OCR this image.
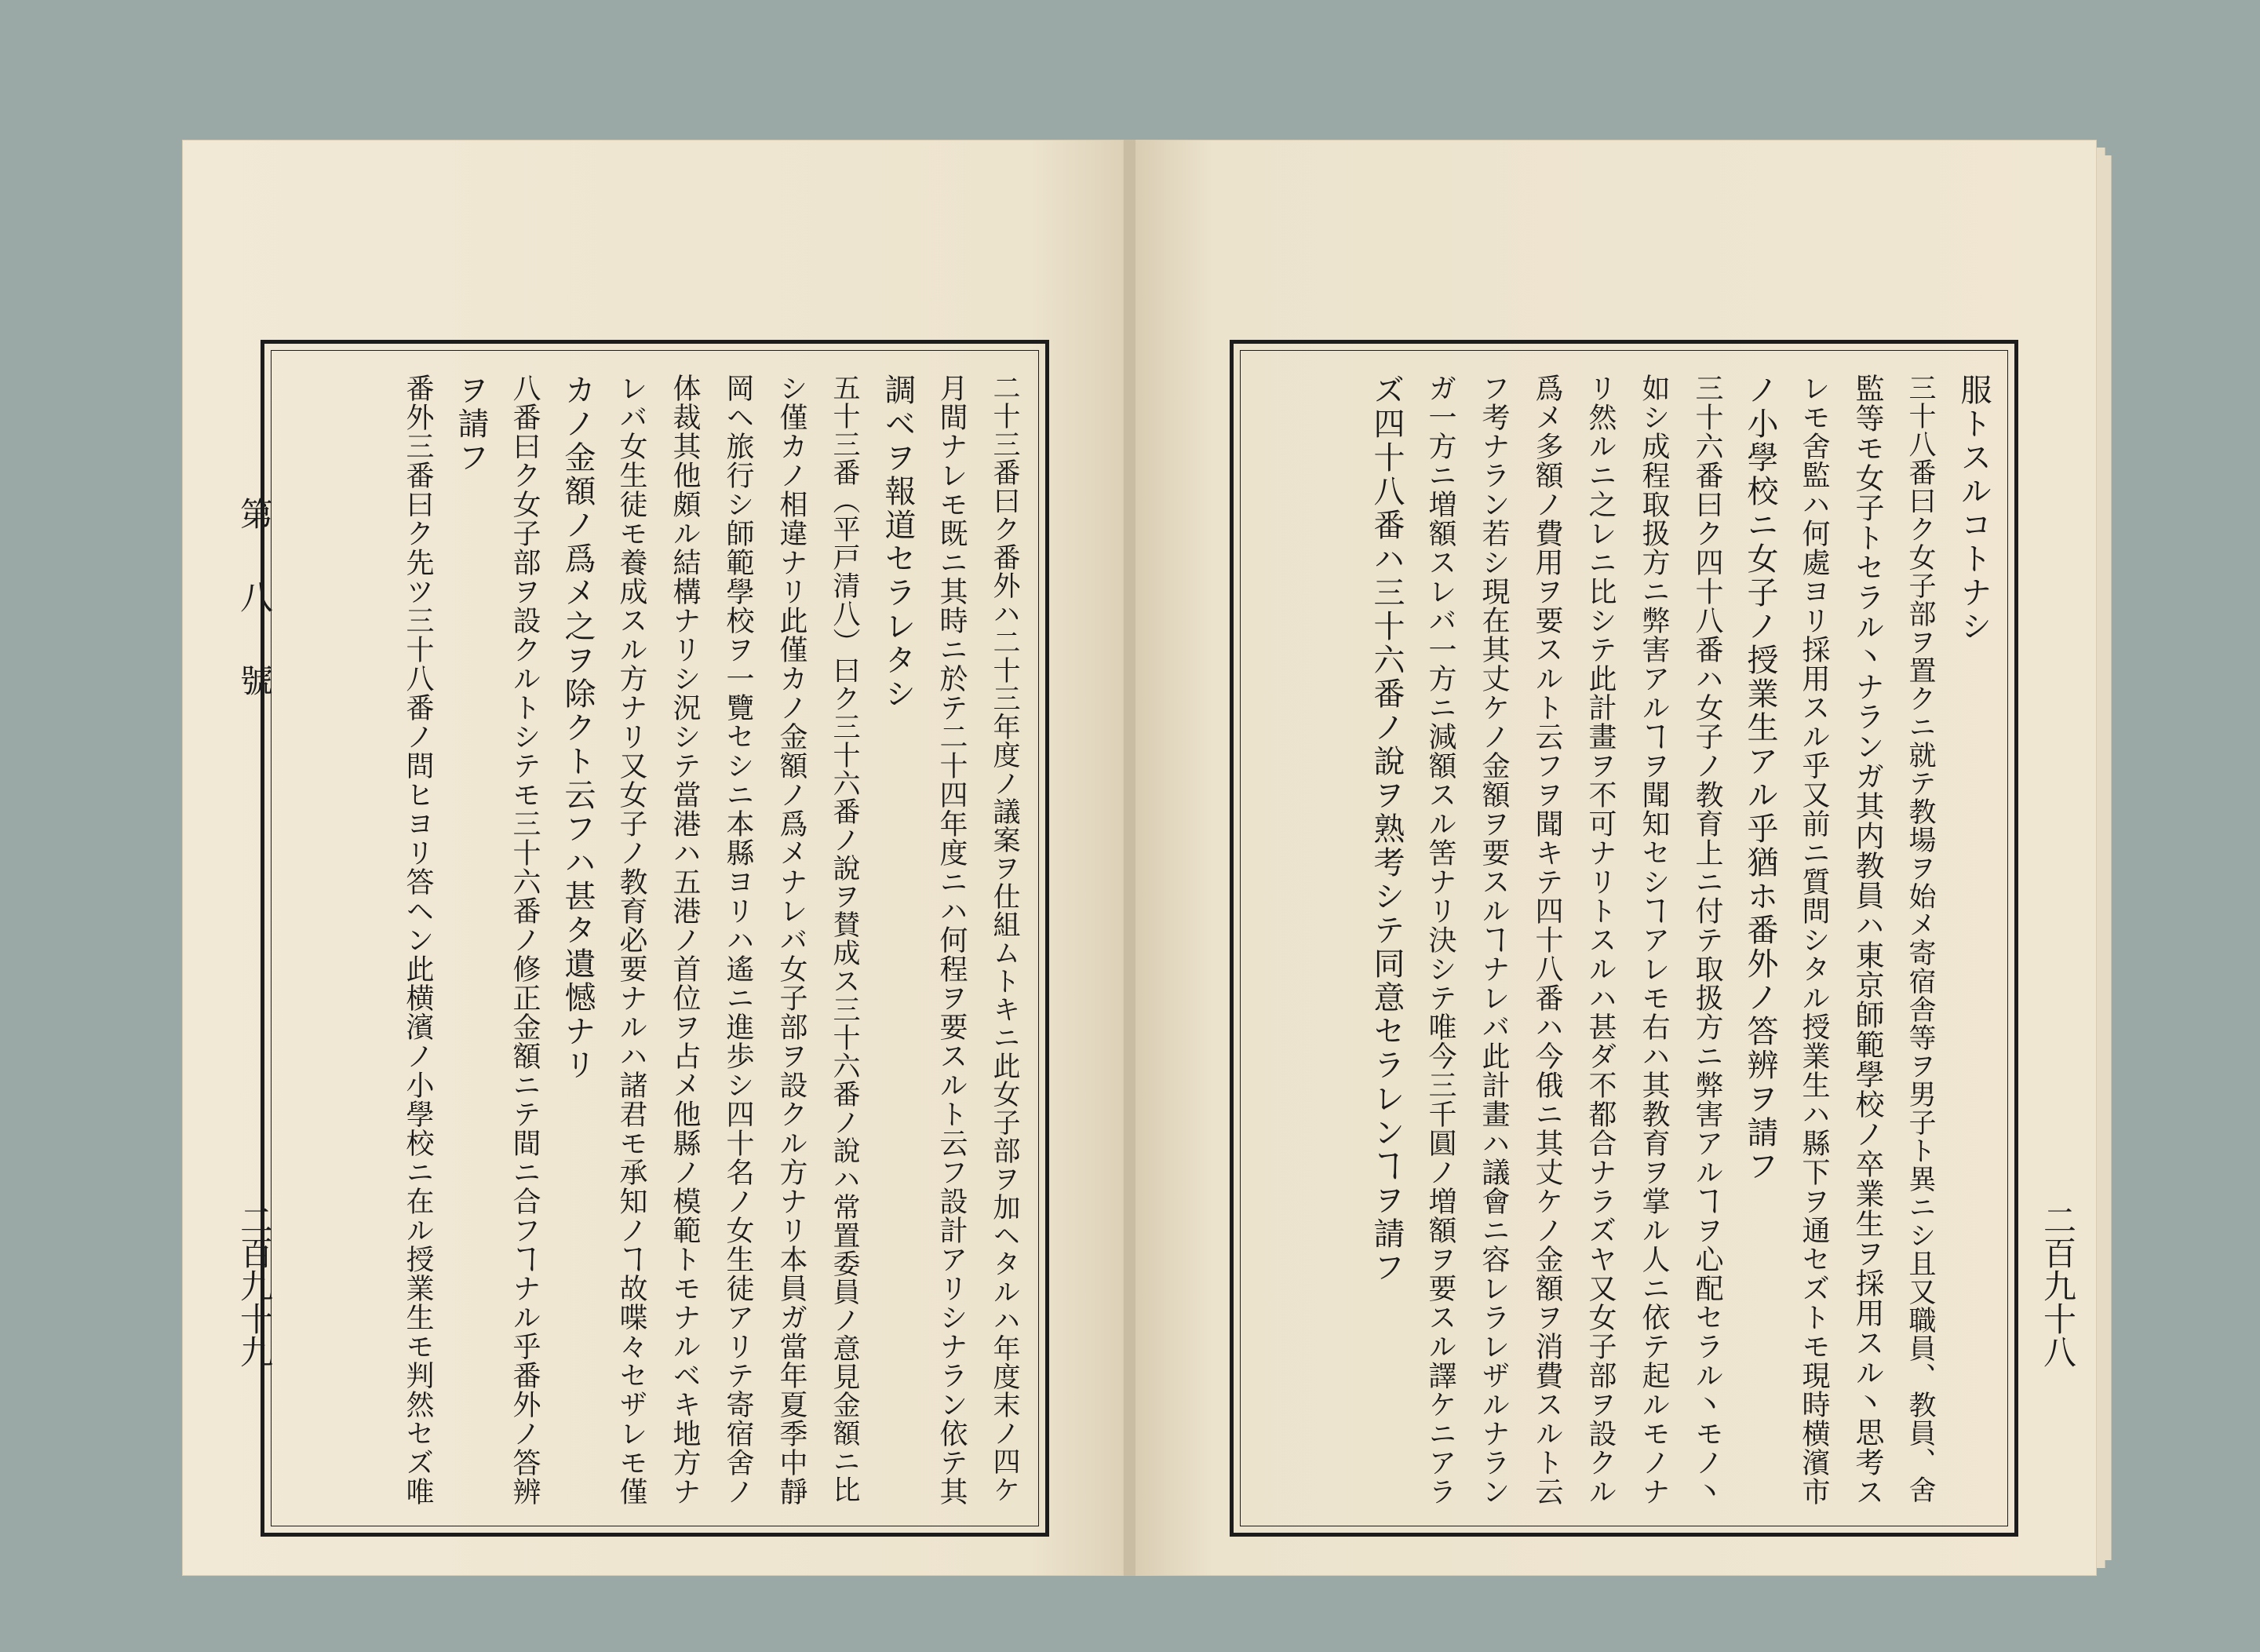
第八號
二百九十九	二十三番曰ク番外ハ二十三年度ノ議案ヲ仕組ムトキニ此女子部ヲ加ヘタルハ年度末ノ四ケ
月間ナレモ既ニ其時ニ於テ二十四年度ニハ何程ヲ要スルト云フ設計アリシナラン依テ其
調ベヲ報道セラレタシ
五十三番（平戸清八）曰ク三十六番ノ說ヲ賛成ス三十六番ノ說ハ常置委員ノ意見金額ニ比
シ僅カノ相違ナリ此僅カノ金額ノ爲メナレバ女子部ヲ設クル方ナリ本員ガ當年夏季中靜
岡ヘ旅行シ師範學校ヲ一覽セシニ本縣ヨリハ遙ニ進歩シ四十名ノ女生徒アリテ寄宿舍ノ
体裁其他頗ル結構ナリシ況シテ當港ハ五港ノ首位ヲ占メ他縣ノ模範トモナルベキ地方ナ
レバ女生徒モ養成スル方ナリ又女子ノ教育必要ナルハ諸君モ承知ノヿ故喋々セザレモ僅
カノ金額ノ爲メ之ヲ除クト云フハ甚タ遺憾ナリ
八番曰ク女子部ヲ設クルトシテモ三十六番ノ修正金額ニテ間ニ合フヿナル乎番外ノ答辨
ヲ請フ
番外三番曰ク先ツ三十八番ノ問ヒヨリ答ヘン此横濱ノ小學校ニ在ル授業生モ判然セズ唯	服トスルコトナシ
三十八番曰ク女子部ヲ置クニ就テ教場ヲ始メ寄宿舎等ヲ男子ト異ニシ且又職員、教員、舍
監等モ女子トセラル丶ナランガ其内教員ハ東京師範學校ノ卒業生ヲ採用スル丶思考ス
レモ舍監ハ何處ヨリ採用スル乎又前ニ質問シタル授業生ハ縣下ヲ通セズトモ現時横濱市
ノ小學校ニ女子ノ授業生アル乎猶ホ番外ノ答辨ヲ請フ
三十六番曰ク四十八番ハ女子ノ教育上ニ付テ取扱方ニ弊害アルヿヲ心配セラル丶モノ丶
如シ成程取扱方ニ弊害アルヿヲ聞知セシヿアレモ右ハ其教育ヲ掌ル人ニ依テ起ルモノナ
リ然ルニ之レニ比シテ此計畫ヲ不可ナリトスルハ甚ダ不都合ナラズヤ又女子部ヲ設クル
爲メ多額ノ費用ヲ要スルト云フヲ聞キテ四十八番ハ今俄ニ其丈ケノ金額ヲ消費スルト云
フ考ナラン若シ現在其丈ケノ金額ヲ要スルヿナレバ此計畫ハ議會ニ容レラレザルナラン
ガ一方ニ増額スレバ一方ニ減額スル筈ナリ決シテ唯今三千圓ノ増額ヲ要スル譯ケニアラ
ズ四十八番ハ三十六番ノ說ヲ熟考シテ同意セラレンヿヲ請フ
二百九十八
